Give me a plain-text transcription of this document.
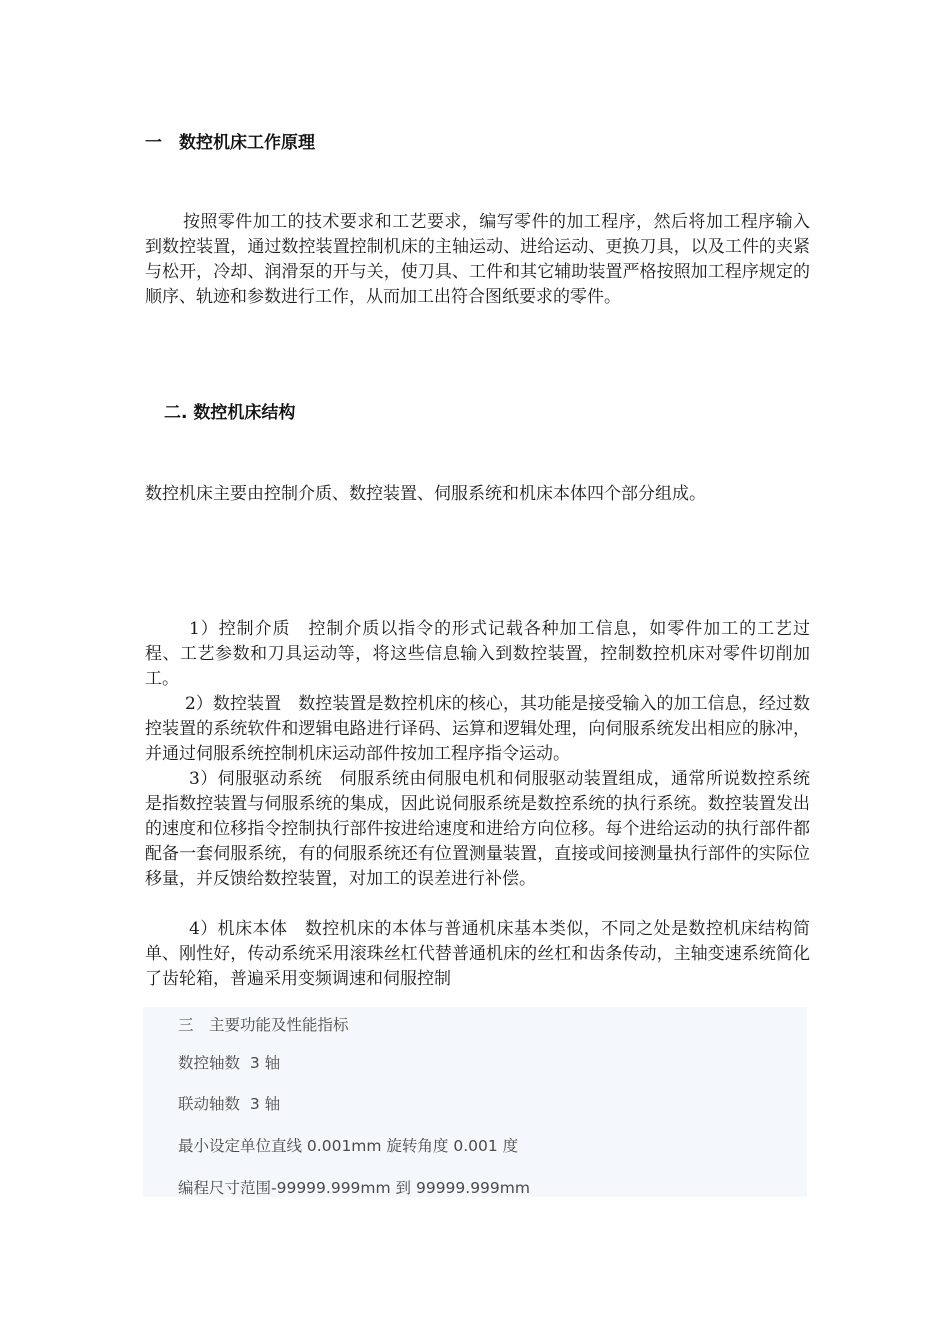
一　数控机床工作原理

按照零件加工的技术要求和工艺要求，编写零件的加工程序，然后将加工程序输入到数控装置，通过数控装置控制机床的主轴运动、进给运动、更换刀具，以及工件的夹紧与松开，冷却、润滑泵的开与关，使刀具、工件和其它辅助装置严格按照加工程序规定的顺序、轨迹和参数进行工作，从而加工出符合图纸要求的零件。

二. 数控机床结构

数控机床主要由控制介质、数控装置、伺服系统和机床本体四个部分组成。

1）控制介质　控制介质以指令的形式记载各种加工信息，如零件加工的工艺过程、工艺参数和刀具运动等，将这些信息输入到数控装置，控制数控机床对零件切削加工。

2）数控装置　数控装置是数控机床的核心，其功能是接受输入的加工信息，经过数控装置的系统软件和逻辑电路进行译码、运算和逻辑处理，向伺服系统发出相应的脉冲，并通过伺服系统控制机床运动部件按加工程序指令运动。

3）伺服驱动系统　伺服系统由伺服电机和伺服驱动装置组成，通常所说数控系统是指数控装置与伺服系统的集成，因此说伺服系统是数控系统的执行系统。数控装置发出的速度和位移指令控制执行部件按进给速度和进给方向位移。每个进给运动的执行部件都配备一套伺服系统，有的伺服系统还有位置测量装置，直接或间接测量执行部件的实际位移量，并反馈给数控装置，对加工的误差进行补偿。

4）机床本体　数控机床的本体与普通机床基本类似，不同之处是数控机床结构简单、刚性好，传动系统采用滚珠丝杠代替普通机床的丝杠和齿条传动，主轴变速系统简化了齿轮箱，普遍采用变频调速和伺服控制

三　主要功能及性能指标
数控轴数  3 轴
联动轴数  3 轴
最小设定单位直线 0.001mm 旋转角度 0.001 度
编程尺寸范围-99999.999mm 到 99999.999mm
